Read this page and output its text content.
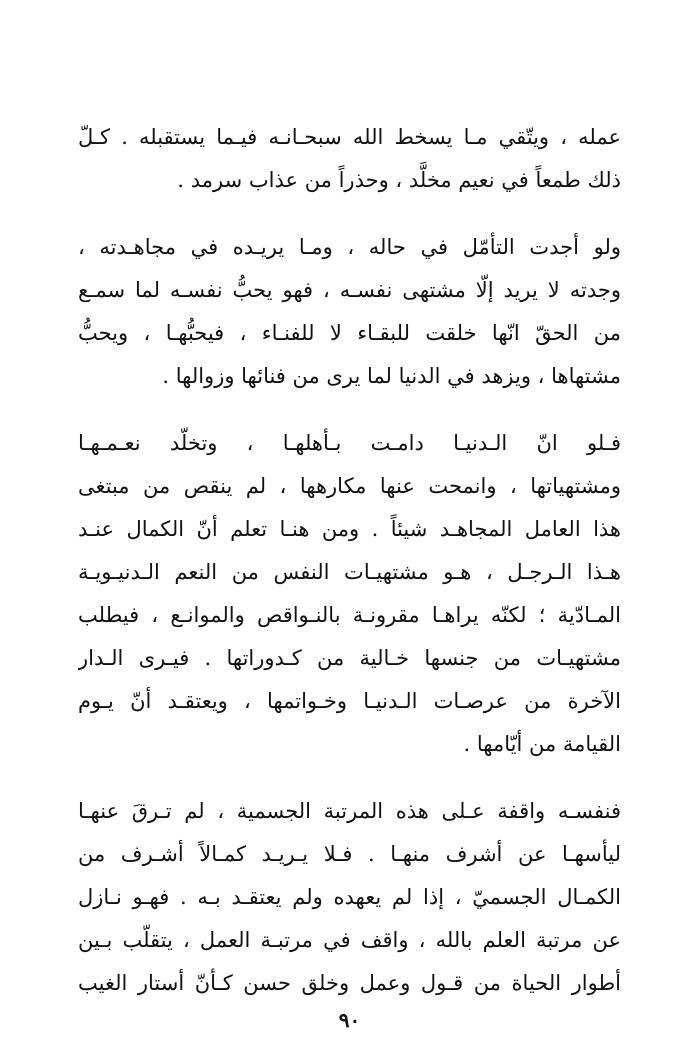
عمله ، ويتّقي مـا يسخط الله سبحـانـه فيـما يستقبله . كـلّ
ذلك طمعاً في نعيم مخلَّد ، وحذراً من عذاب سرمد .
ولو أجدت التأمّل في حاله ، ومـا يريـده في مجاهـدته ،
وجدته لا يريد إلّا مشتهى نفسـه ، فهو يحبُّ نفسـه لما سمـع
من الحقّ انّها خلقت للبقـاء لا للفنـاء ، فيحبُّهـا ، ويحبُّ
مشتهاها ، ويزهد في الدنيا لما يرى من فنائها وزوالها .
فـلو انّ الـدنيـا دامـت بـأهلهـا ، وتخلّد نعـمـهـا
ومشتهياتها ، وانمحت عنها مكارهها ، لم ينقص من مبتغى
هذا العامل المجاهـد شيئاً . ومن هنـا تعلم أنّ الكمال عنـد
هـذا الـرجـل ، هـو مشتهيـات النفس من النعم الـدنيـويـة
المـادّية ؛ لكنّه يراهـا مقرونـة بالنـواقص والموانـع ، فيطلب
مشتهيـات من جنسها خـالية من كـدوراتها . فيـرى الـدار
الآخرة من عرصـات الـدنيـا وخـواتمها ، ويعتقـد أنّ يـوم
القيامة من أيّامها .
فنفسـه واقفة عـلى هذه المرتبة الجسمية ، لم تـرقَ عنهـا
ليأسهـا عن أشرف منهـا . فـلا يـريـد كمـالاً أشـرف من
الكمـال الجسميّ ، إذا لم يعهده ولم يعتقـد بـه . فهـو نـازل
عن مرتبة العلم بالله ، واقف في مرتبـة العمل ، يتقلّب بـين
أطوار الحياة من قـول وعمل وخلق حسن كـأنّ أستار الغيب
٩٠
